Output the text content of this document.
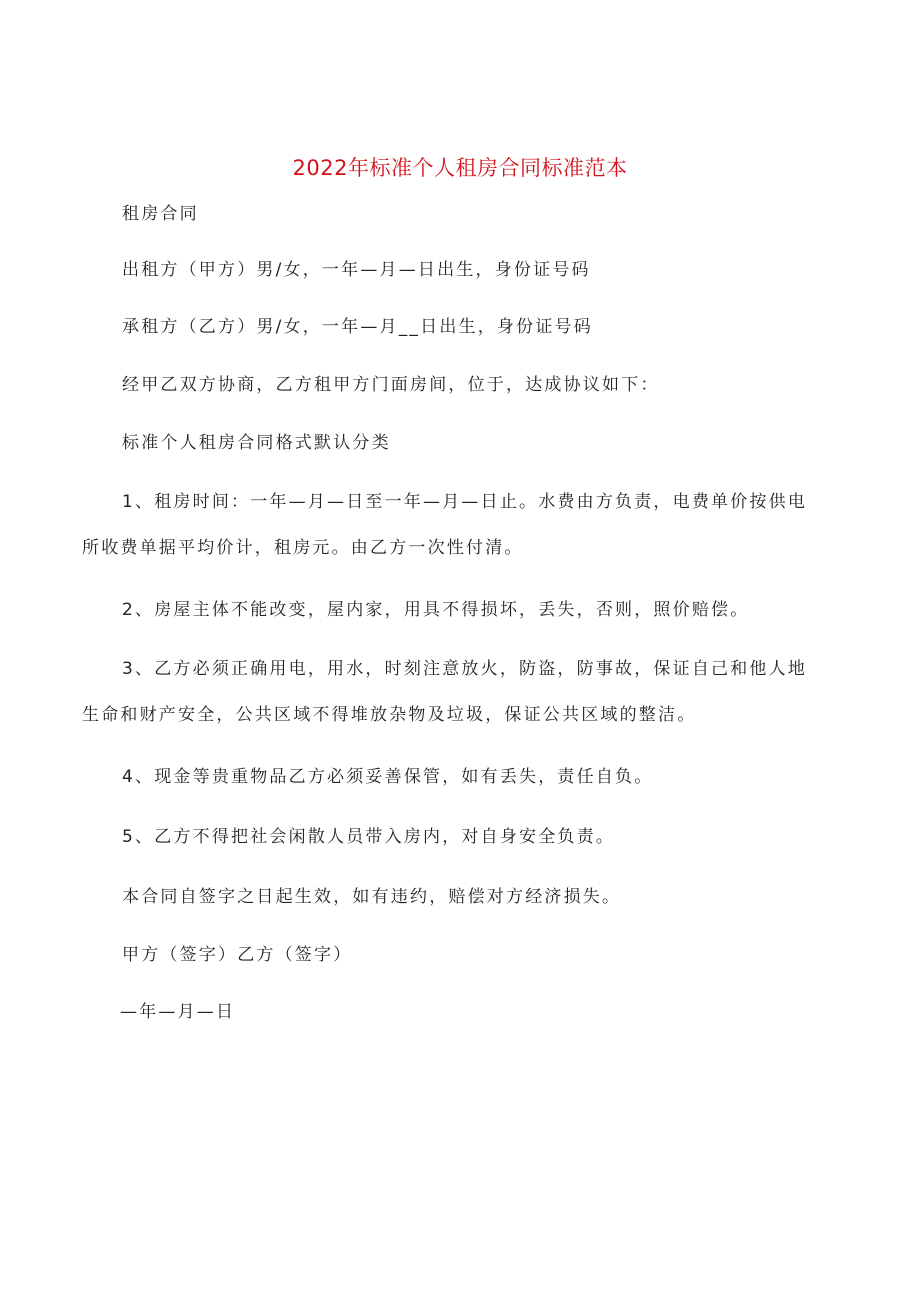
2022年标准个人租房合同标准范本
租房合同
出租方（甲方）男/女，一年—月—日出生，身份证号码
承租方（乙方）男/女，一年—月__日出生，身份证号码
经甲乙双方协商，乙方租甲方门面房间，位于，达成协议如下：
标准个人租房合同格式默认分类
1、租房时间：一年—月—日至一年—月—日止。水费由方负责，电费单价按供电所收费单据平均价计，租房元。由乙方一次性付清。
2、房屋主体不能改变，屋内家，用具不得损坏，丢失，否则，照价赔偿。
3、乙方必须正确用电，用水，时刻注意放火，防盗，防事故，保证自己和他人地生命和财产安全，公共区域不得堆放杂物及垃圾，保证公共区域的整洁。
4、现金等贵重物品乙方必须妥善保管，如有丢失，责任自负。
5、乙方不得把社会闲散人员带入房内，对自身安全负责。
本合同自签字之日起生效，如有违约，赔偿对方经济损失。
甲方（签字）乙方（签字）
—年—月—日
